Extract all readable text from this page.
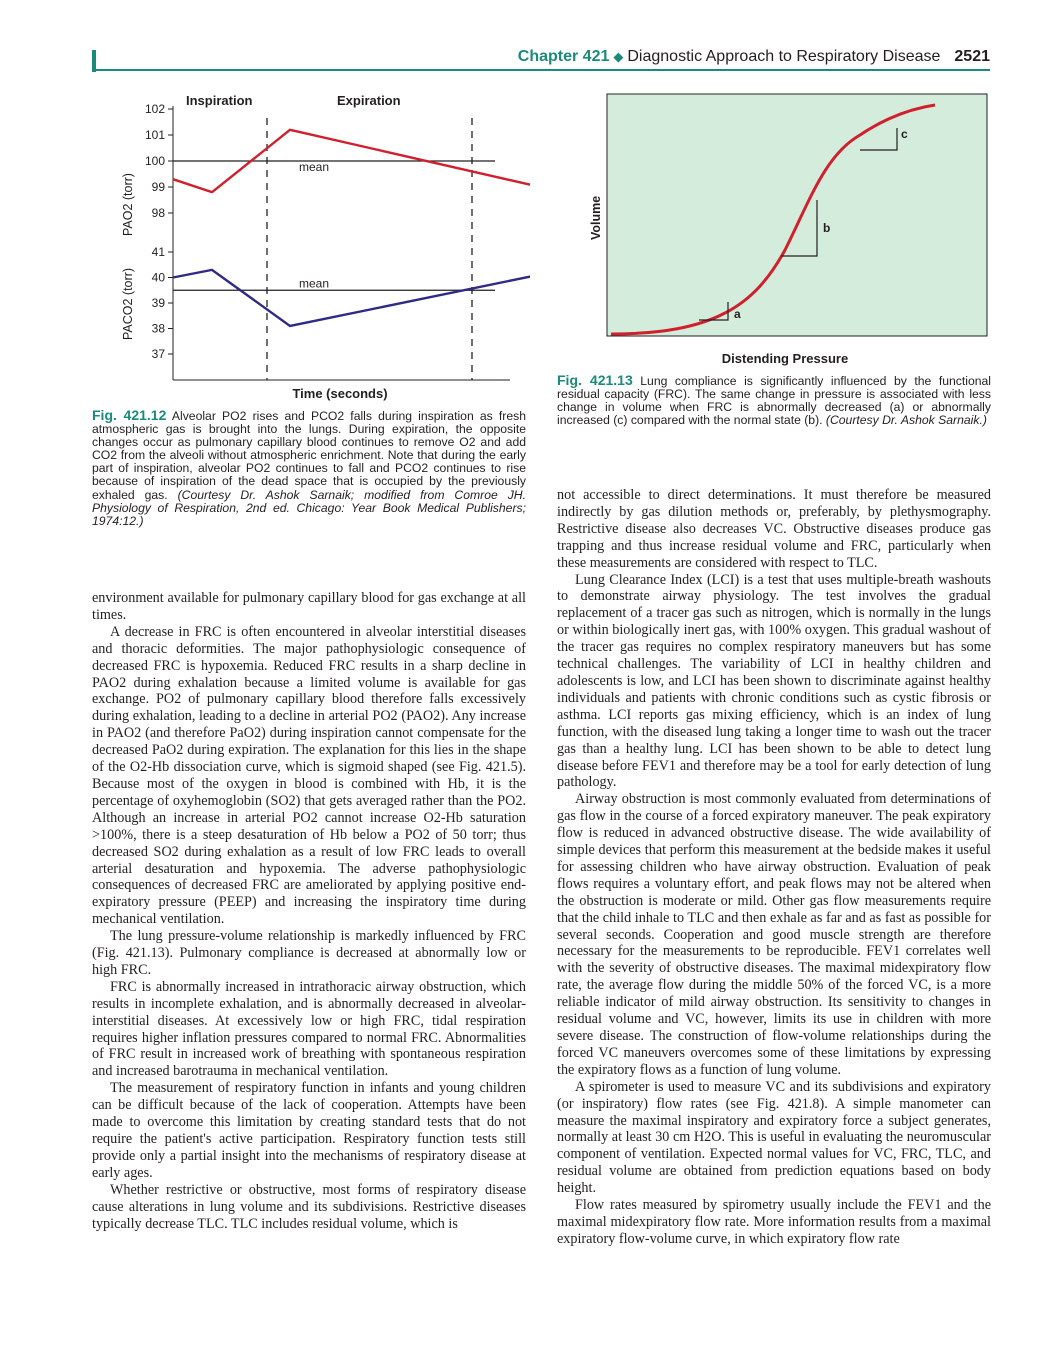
Chapter 421 ◆ Diagnostic Approach to Respiratory Disease 2521
Inspiration	Expiration
98
99
100
101
102
37
38
39
40
41
PAO2 (torr)
PACO2 (torr)
mean
mean
Time (seconds)
Fig. 421.12 Alveolar PO2 rises and PCO2 falls during inspiration as fresh atmospheric gas is brought into the lungs. During expiration, the opposite changes occur as pulmonary capillary blood continues to remove O2 and add CO2 from the alveoli without atmospheric enrichment. Note that during the early part of inspiration, alveolar PO2 continues to fall and PCO2 continues to rise because of inspiration of the dead space that is occupied by the previously exhaled gas. (Courtesy Dr. Ashok Sarnaik; modified from Comroe JH. Physiology of Respiration, 2nd ed. Chicago: Year Book Medical Publishers; 1974:12.)
Volume
Distending Pressure
a
b
c
Fig. 421.13 Lung compliance is significantly influenced by the functional residual capacity (FRC). The same change in pressure is associated with less change in volume when FRC is abnormally decreased (a) or abnormally increased (c) compared with the normal state (b). (Courtesy Dr. Ashok Sarnaik.)

environment available for pulmonary capillary blood for gas exchange at all times.

A decrease in FRC is often encountered in alveolar interstitial diseases and thoracic deformities. The major pathophysiologic consequence of decreased FRC is hypoxemia. Reduced FRC results in a sharp decline in PAO2 during exhalation because a limited volume is available for gas exchange. PO2 of pulmonary capillary blood therefore falls excessively during exhalation, leading to a decline in arterial PO2 (PAO2). Any increase in PAO2 (and therefore PaO2) during inspiration cannot compensate for the decreased PaO2 during expiration. The explanation for this lies in the shape of the O2-Hb dissociation curve, which is sigmoid shaped (see Fig. 421.5). Because most of the oxygen in blood is combined with Hb, it is the percentage of oxyhemoglobin (SO2) that gets averaged rather than the PO2. Although an increase in arterial PO2 cannot increase O2-Hb saturation >100%, there is a steep desaturation of Hb below a PO2 of 50 torr; thus decreased SO2 during exhalation as a result of low FRC leads to overall arterial desaturation and hypoxemia. The adverse pathophysiologic consequences of decreased FRC are ameliorated by applying positive end-expiratory pressure (PEEP) and increasing the inspiratory time during mechanical ventilation.

The lung pressure-volume relationship is markedly influenced by FRC (Fig. 421.13). Pulmonary compliance is decreased at abnormally low or high FRC.

FRC is abnormally increased in intrathoracic airway obstruction, which results in incomplete exhalation, and is abnormally decreased in alveolar-interstitial diseases. At excessively low or high FRC, tidal respiration requires higher inflation pressures compared to normal FRC. Abnormalities of FRC result in increased work of breathing with spontaneous respiration and increased barotrauma in mechanical ventilation.

The measurement of respiratory function in infants and young children can be difficult because of the lack of cooperation. Attempts have been made to overcome this limitation by creating standard tests that do not require the patient's active participation. Respiratory function tests still provide only a partial insight into the mechanisms of respiratory disease at early ages.

Whether restrictive or obstructive, most forms of respiratory disease cause alterations in lung volume and its subdivisions. Restrictive diseases typically decrease TLC. TLC includes residual volume, which is

not accessible to direct determinations. It must therefore be measured indirectly by gas dilution methods or, preferably, by plethysmography. Restrictive disease also decreases VC. Obstructive diseases produce gas trapping and thus increase residual volume and FRC, particularly when these measurements are considered with respect to TLC.

Lung Clearance Index (LCI) is a test that uses multiple-breath washouts to demonstrate airway physiology. The test involves the gradual replacement of a tracer gas such as nitrogen, which is normally in the lungs or within biologically inert gas, with 100% oxygen. This gradual washout of the tracer gas requires no complex respiratory maneuvers but has some technical challenges. The variability of LCI in healthy children and adolescents is low, and LCI has been shown to discriminate against healthy individuals and patients with chronic conditions such as cystic fibrosis or asthma. LCI reports gas mixing efficiency, which is an index of lung function, with the diseased lung taking a longer time to wash out the tracer gas than a healthy lung. LCI has been shown to be able to detect lung disease before FEV1 and therefore may be a tool for early detection of lung pathology.

Airway obstruction is most commonly evaluated from determinations of gas flow in the course of a forced expiratory maneuver. The peak expiratory flow is reduced in advanced obstructive disease. The wide availability of simple devices that perform this measurement at the bedside makes it useful for assessing children who have airway obstruction. Evaluation of peak flows requires a voluntary effort, and peak flows may not be altered when the obstruction is moderate or mild. Other gas flow measurements require that the child inhale to TLC and then exhale as far and as fast as possible for several seconds. Cooperation and good muscle strength are therefore necessary for the measurements to be reproducible. FEV1 correlates well with the severity of obstructive diseases. The maximal midexpiratory flow rate, the average flow during the middle 50% of the forced VC, is a more reliable indicator of mild airway obstruction. Its sensitivity to changes in residual volume and VC, however, limits its use in children with more severe disease. The construction of flow-volume relationships during the forced VC maneuvers overcomes some of these limitations by expressing the expiratory flows as a function of lung volume.

A spirometer is used to measure VC and its subdivisions and expiratory (or inspiratory) flow rates (see Fig. 421.8). A simple manometer can measure the maximal inspiratory and expiratory force a subject generates, normally at least 30 cm H2O. This is useful in evaluating the neuromuscular component of ventilation. Expected normal values for VC, FRC, TLC, and residual volume are obtained from prediction equations based on body height.

Flow rates measured by spirometry usually include the FEV1 and the maximal midexpiratory flow rate. More information results from a maximal expiratory flow-volume curve, in which expiratory flow rate
